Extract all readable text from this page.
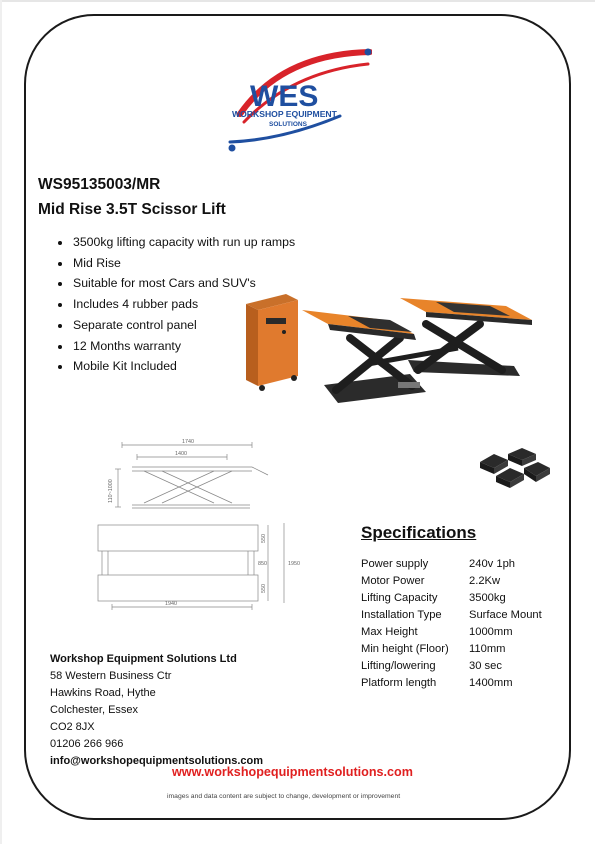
WES
WORKSHOP EQUIPMENT
SOLUTIONS
WS95135003/MR
Mid Rise 3.5T Scissor Lift
• 3500kg lifting capacity with run up ramps
• Mid Rise
• Suitable for most Cars and SUV's
• Includes 4 rubber pads
• Separate control panel
• 12 Months warranty
• Mobile Kit Included
1740
1400
110~1000
550
850
550
1950
1940
Specifications
Power supply	240v 1ph
Motor Power	2.2Kw
Lifting Capacity	3500kg
Installation Type	Surface Mount
Max Height	1000mm
Min height (Floor)	110mm
Lifting/lowering	30 sec
Platform length	1400mm
Workshop Equipment Solutions Ltd
58 Western Business Ctr
Hawkins Road, Hythe
Colchester, Essex
CO2 8JX
01206 266 966
info@workshopequipmentsolutions.com
www.workshopequipmentsolutions.com
images and data content are subject to change, development or improvement
